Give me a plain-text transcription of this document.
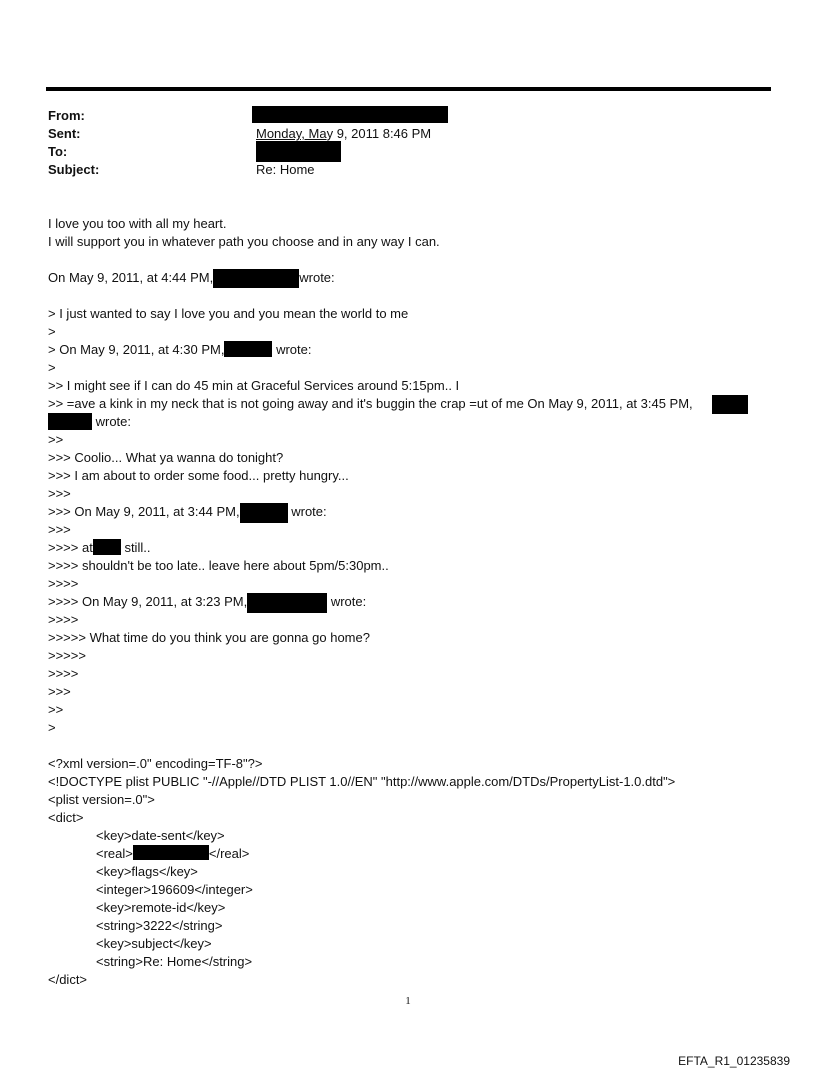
From:
Sent:	Monday, May 9, 2011 8:46 PM
To:
Subject:	Re: Home
I love you too with all my heart.
I will support you in whatever path you choose and in any way I can.
On May 9, 2011, at 4:44 PM,	wrote:
> I just wanted to say I love you and you mean the world to me
>
> On May 9, 2011, at 4:30 PM,	wrote:
>
>> I might see if I can do 45 min at Graceful Services around 5:15pm.. I
>> =ave a kink in my neck that is not going away and it's buggin the crap =ut of me On May 9, 2011, at 3:45 PM,
wrote:
>>
>>> Coolio... What ya wanna do tonight?
>>> I am about to order some food... pretty hungry...
>>>
>>> On May 9, 2011, at 3:44 PM,	wrote:
>>>
>>>> at still..
>>>> shouldn't be too late.. leave here about 5pm/5:30pm..
>>>>
>>>> On May 9, 2011, at 3:23 PM,	wrote:
>>>>
>>>>> What time do you think you are gonna go home?
>>>>>
>>>>
>>>
>>
>
<?xml version=.0" encoding=TF-8"?>
<!DOCTYPE plist PUBLIC "-//Apple//DTD PLIST 1.0//EN" "http://www.apple.com/DTDs/PropertyList-1.0.dtd">
<plist version=.0">
<dict>
<key>date-sent</key>
<real>	</real>
<key>flags</key>
<integer>196609</integer>
<key>remote-id</key>
<string>3222</string>
<key>subject</key>
<string>Re: Home</string>
</dict>
1
EFTA_R1_01235839
